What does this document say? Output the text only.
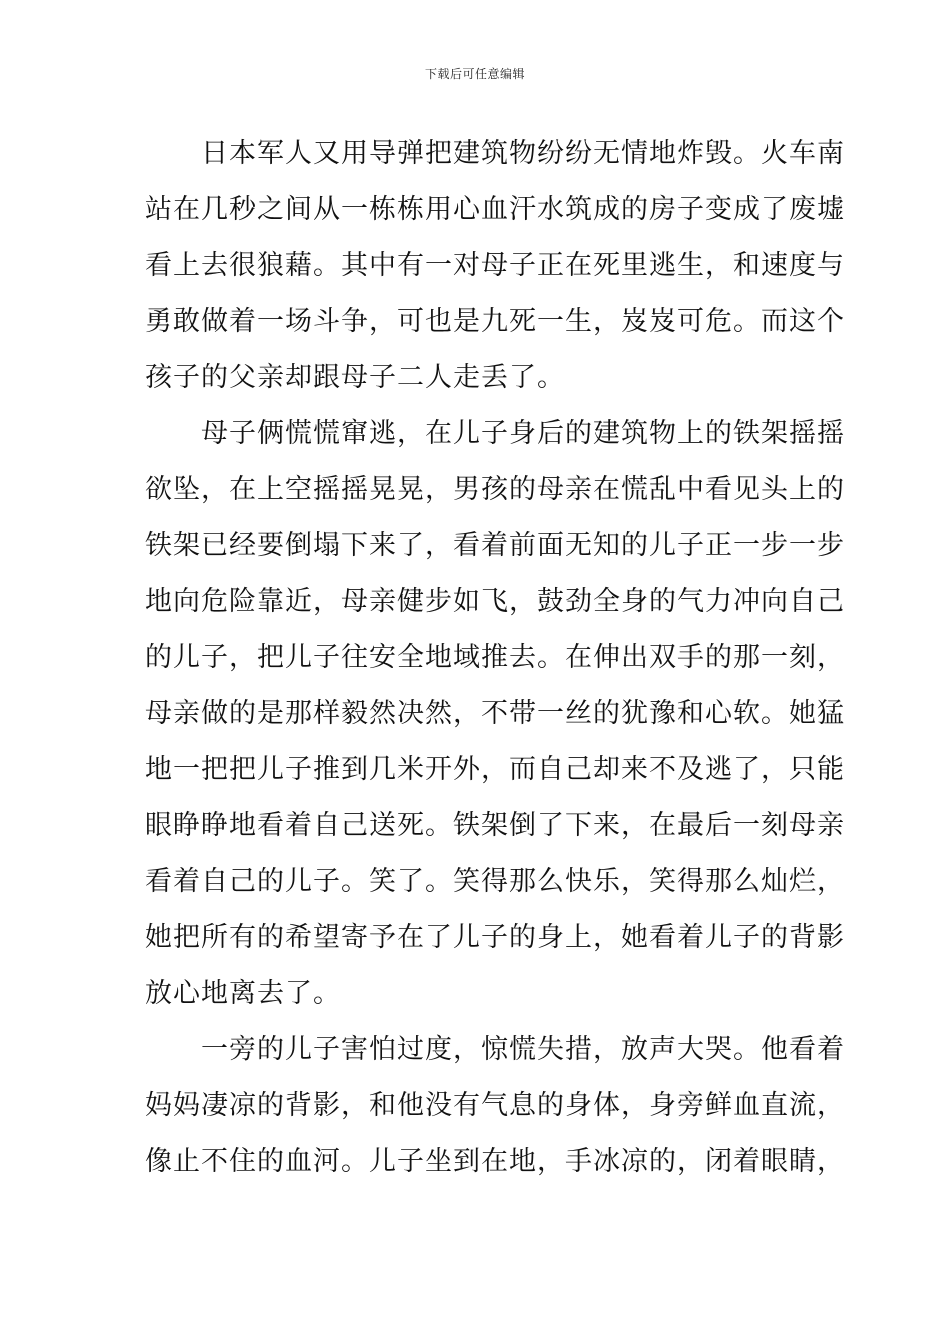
下载后可任意编辑
日本军人又用导弹把建筑物纷纷无情地炸毁。火车南
站在几秒之间从一栋栋用心血汗水筑成的房子变成了废墟
看上去很狼藉。其中有一对母子正在死里逃生，和速度与
勇敢做着一场斗争，可也是九死一生，岌岌可危。而这个
孩子的父亲却跟母子二人走丢了。
母子俩慌慌窜逃，在儿子身后的建筑物上的铁架摇摇
欲坠，在上空摇摇晃晃，男孩的母亲在慌乱中看见头上的
铁架已经要倒塌下来了，看着前面无知的儿子正一步一步
地向危险靠近，母亲健步如飞，鼓劲全身的气力冲向自己
的儿子，把儿子往安全地域推去。在伸出双手的那一刻，
母亲做的是那样毅然决然，不带一丝的犹豫和心软。她猛
地一把把儿子推到几米开外，而自己却来不及逃了，只能
眼睁睁地看着自己送死。铁架倒了下来，在最后一刻母亲
看着自己的儿子。笑了。笑得那么快乐，笑得那么灿烂，
她把所有的希望寄予在了儿子的身上，她看着儿子的背影
放心地离去了。
一旁的儿子害怕过度，惊慌失措，放声大哭。他看着
妈妈凄凉的背影，和他没有气息的身体，身旁鲜血直流，
像止不住的血河。儿子坐到在地，手冰凉的，闭着眼睛，
